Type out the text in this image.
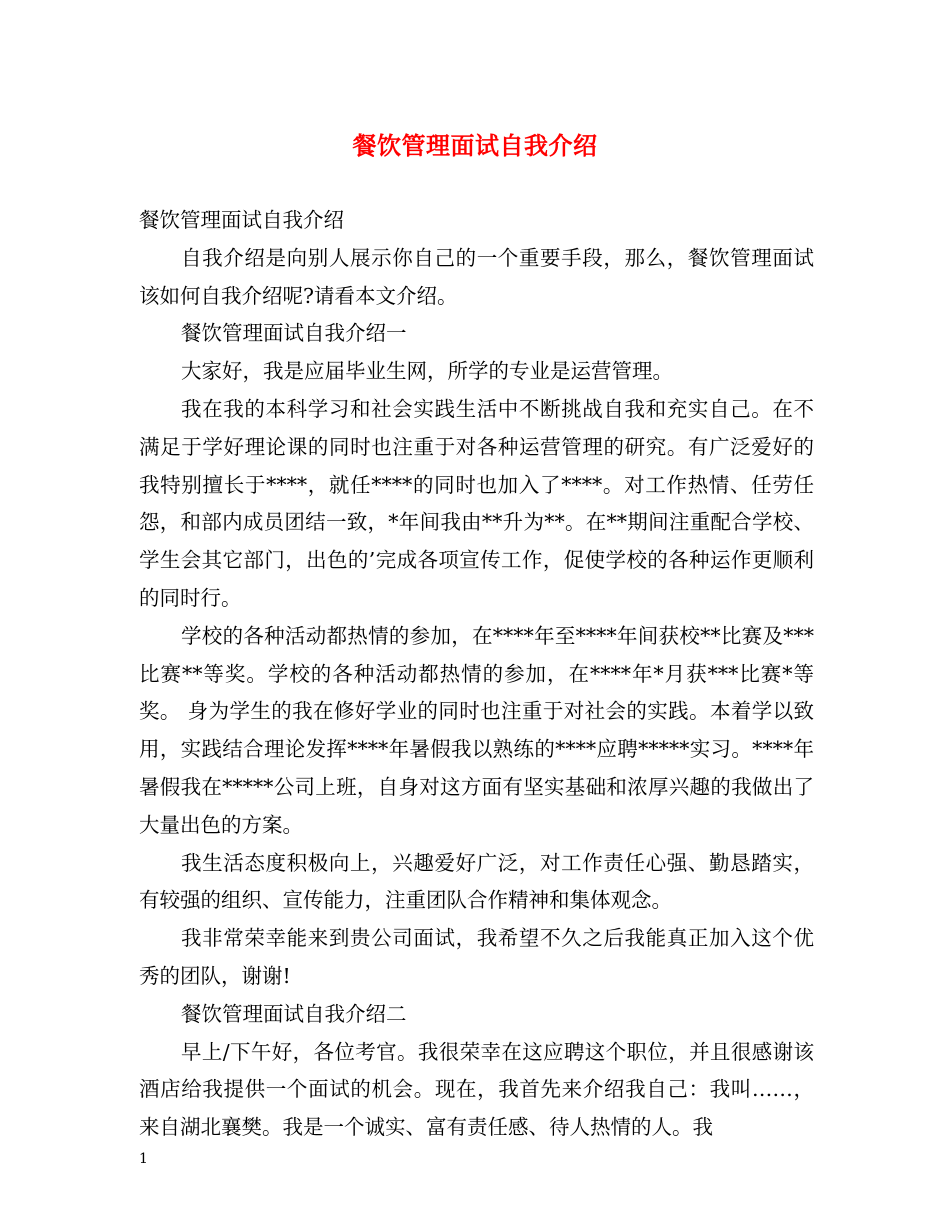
餐饮管理面试自我介绍

餐饮管理面试自我介绍

自我介绍是向别人展示你自己的一个重要手段，那么，餐饮管理面试该如何自我介绍呢?请看本文介绍。

餐饮管理面试自我介绍一

大家好，我是应届毕业生网，所学的专业是运营管理。

我在我的本科学习和社会实践生活中不断挑战自我和充实自己。在不满足于学好理论课的同时也注重于对各种运营管理的研究。有广泛爱好的我特别擅长于****，就任****的同时也加入了****。对工作热情、任劳任怨，和部内成员团结一致，*年间我由**升为**。在**期间注重配合学校、学生会其它部门，出色的’完成各项宣传工作，促使学校的各种运作更顺利的同时行。

学校的各种活动都热情的参加，在****年至****年间获校**比赛及***比赛**等奖。学校的各种活动都热情的参加，在****年*月获***比赛*等奖。 身为学生的我在修好学业的同时也注重于对社会的实践。本着学以致用，实践结合理论发挥****年暑假我以熟练的****应聘*****实习。****年暑假我在*****公司上班，自身对这方面有坚实基础和浓厚兴趣的我做出了大量出色的方案。

我生活态度积极向上，兴趣爱好广泛，对工作责任心强、勤恳踏实，有较强的组织、宣传能力，注重团队合作精神和集体观念。

我非常荣幸能来到贵公司面试，我希望不久之后我能真正加入这个优秀的团队，谢谢!

餐饮管理面试自我介绍二

早上/下午好，各位考官。我很荣幸在这应聘这个职位，并且很感谢该酒店给我提供一个面试的机会。现在，我首先来介绍我自己：我叫……，来自湖北襄樊。我是一个诚实、富有责任感、待人热情的人。我

1
